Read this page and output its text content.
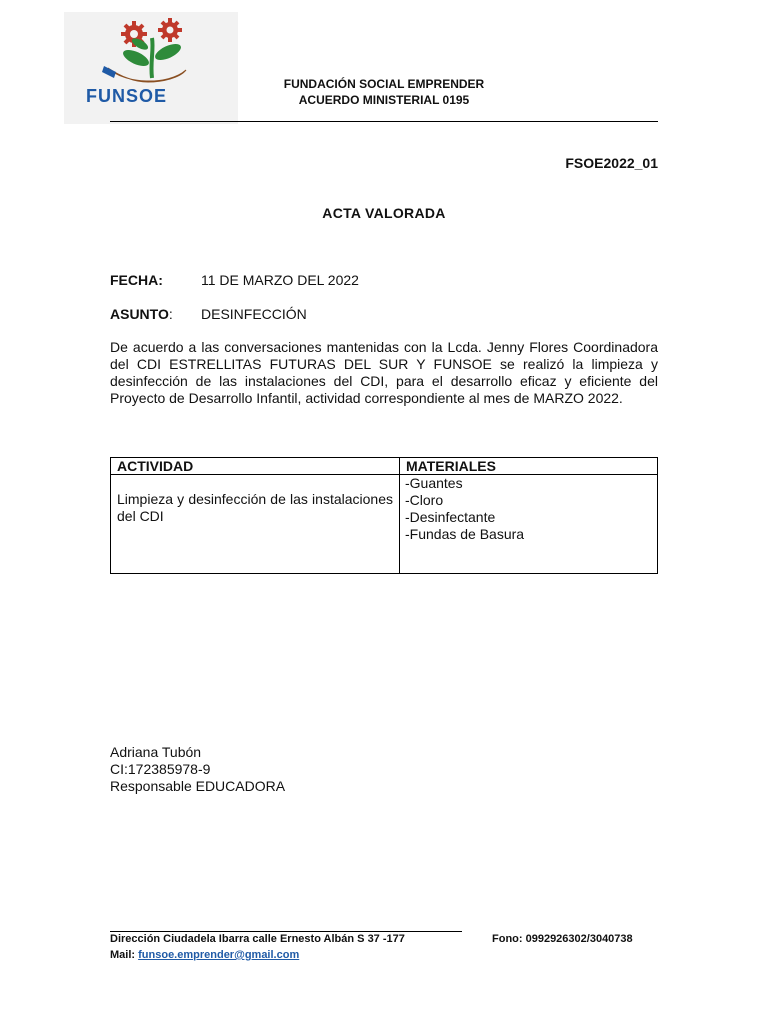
FUNSOE
FUNDACIÓN SOCIAL EMPRENDER
ACUERDO MINISTERIAL 0195
FSOE2022_01
ACTA VALORADA
FECHA:	11 DE MARZO DEL 2022
ASUNTO: DESINFECCIÓN
De acuerdo a las conversaciones mantenidas con la Lcda. Jenny Flores Coordinadora del CDI ESTRELLITAS FUTURAS DEL SUR Y FUNSOE se realizó la limpieza y desinfección de las instalaciones del CDI, para el desarrollo eficaz y eficiente del Proyecto de Desarrollo Infantil, actividad correspondiente al mes de MARZO 2022.
ACTIVIDAD	MATERIALES
Limpieza y desinfección de las instalaciones del CDI	-Guantes
-Cloro
-Desinfectante
-Fundas de Basura
Adriana Tubón
CI:172385978-9
Responsable EDUCADORA
Dirección Ciudadela Ibarra calle Ernesto Albán S 37 -177	Fono: 0992926302/3040738
Mail: funsoe.emprender@gmail.com
